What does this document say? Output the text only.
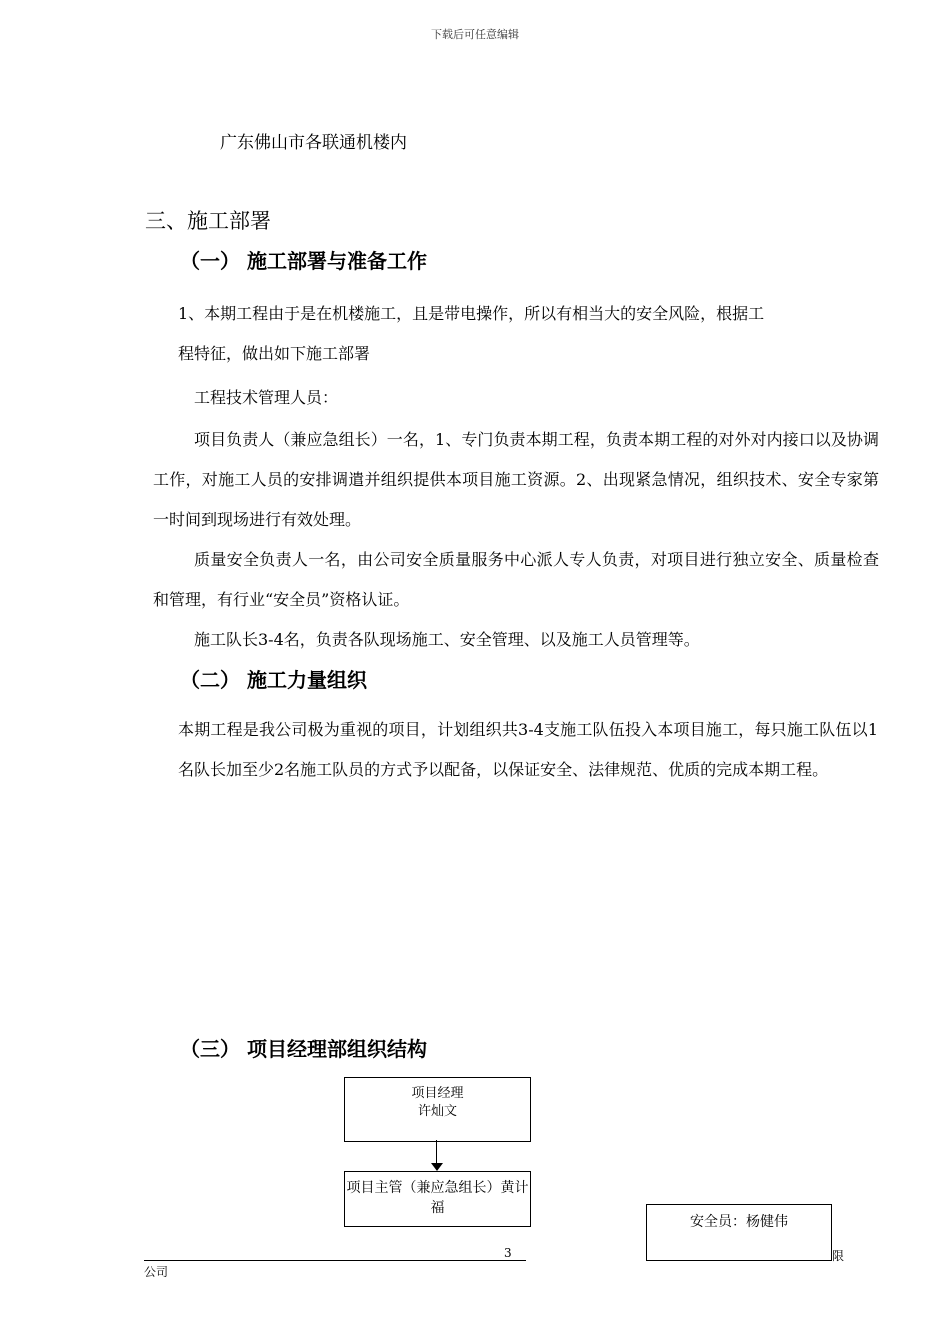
下载后可任意编辑
广东佛山市各联通机楼内
三、施工部署
（一） 施工部署与准备工作
1、本期工程由于是在机楼施工，且是带电操作，所以有相当大的安全风险，根据工
程特征，做出如下施工部署
工程技术管理人员：
项目负责人（兼应急组长）一名，1、专门负责本期工程，负责本期工程的对外对内接口以及协调工作，对施工人员的安排调遣并组织提供本项目施工资源。2、出现紧急情况，组织技术、安全专家第一时间到现场进行有效处理。
质量安全负责人一名，由公司安全质量服务中心派人专人负责，对项目进行独立安全、质量检查和管理，有行业“安全员”资格认证。
施工队长3-4名，负责各队现场施工、安全管理、以及施工人员管理等。
（二） 施工力量组织
本期工程是我公司极为重视的项目，计划组织共3-4支施工队伍投入本项目施工，每只施工队伍以1名队长加至少2名施工队员的方式予以配备，以保证安全、法律规范、优质的完成本期工程。
（三） 项目经理部组织结构
项目经理
许灿文
项目主管（兼应急组长）黄计福
安全员：杨健伟
3
公司
限
